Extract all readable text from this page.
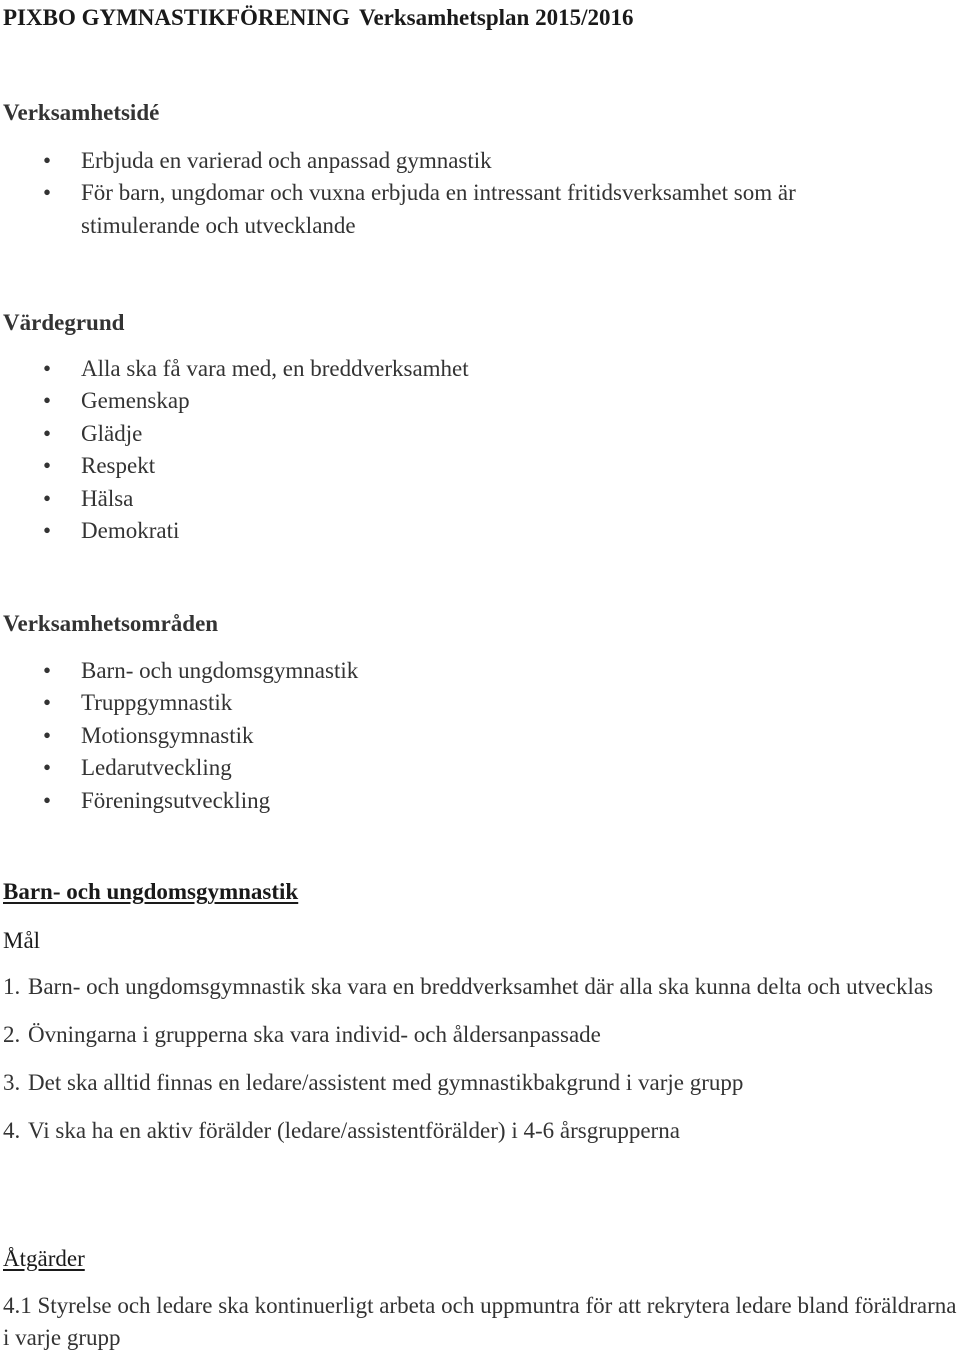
PIXBO GYMNASTIKFÖRENING Verksamhetsplan 2015/2016
Verksamhetsidé
• Erbjuda en varierad och anpassad gymnastik
• För barn, ungdomar och vuxna erbjuda en intressant fritidsverksamhet som är stimulerande och utvecklande
Värdegrund
• Alla ska få vara med, en breddverksamhet
• Gemenskap
• Glädje
• Respekt
• Hälsa
• Demokrati
Verksamhetsområden
• Barn- och ungdomsgymnastik
• Truppgymnastik
• Motionsgymnastik
• Ledarutveckling
• Föreningsutveckling
Barn- och ungdomsgymnastik
Mål
1. Barn- och ungdomsgymnastik ska vara en breddverksamhet där alla ska kunna delta och utvecklas
2. Övningarna i grupperna ska vara individ- och åldersanpassade
3. Det ska alltid finnas en ledare/assistent med gymnastikbakgrund i varje grupp
4. Vi ska ha en aktiv förälder (ledare/assistentförälder) i 4-6 årsgrupperna
Åtgärder

4.1 Styrelse och ledare ska kontinuerligt arbeta och uppmuntra för att rekrytera ledare bland föräldrarna i varje grupp
